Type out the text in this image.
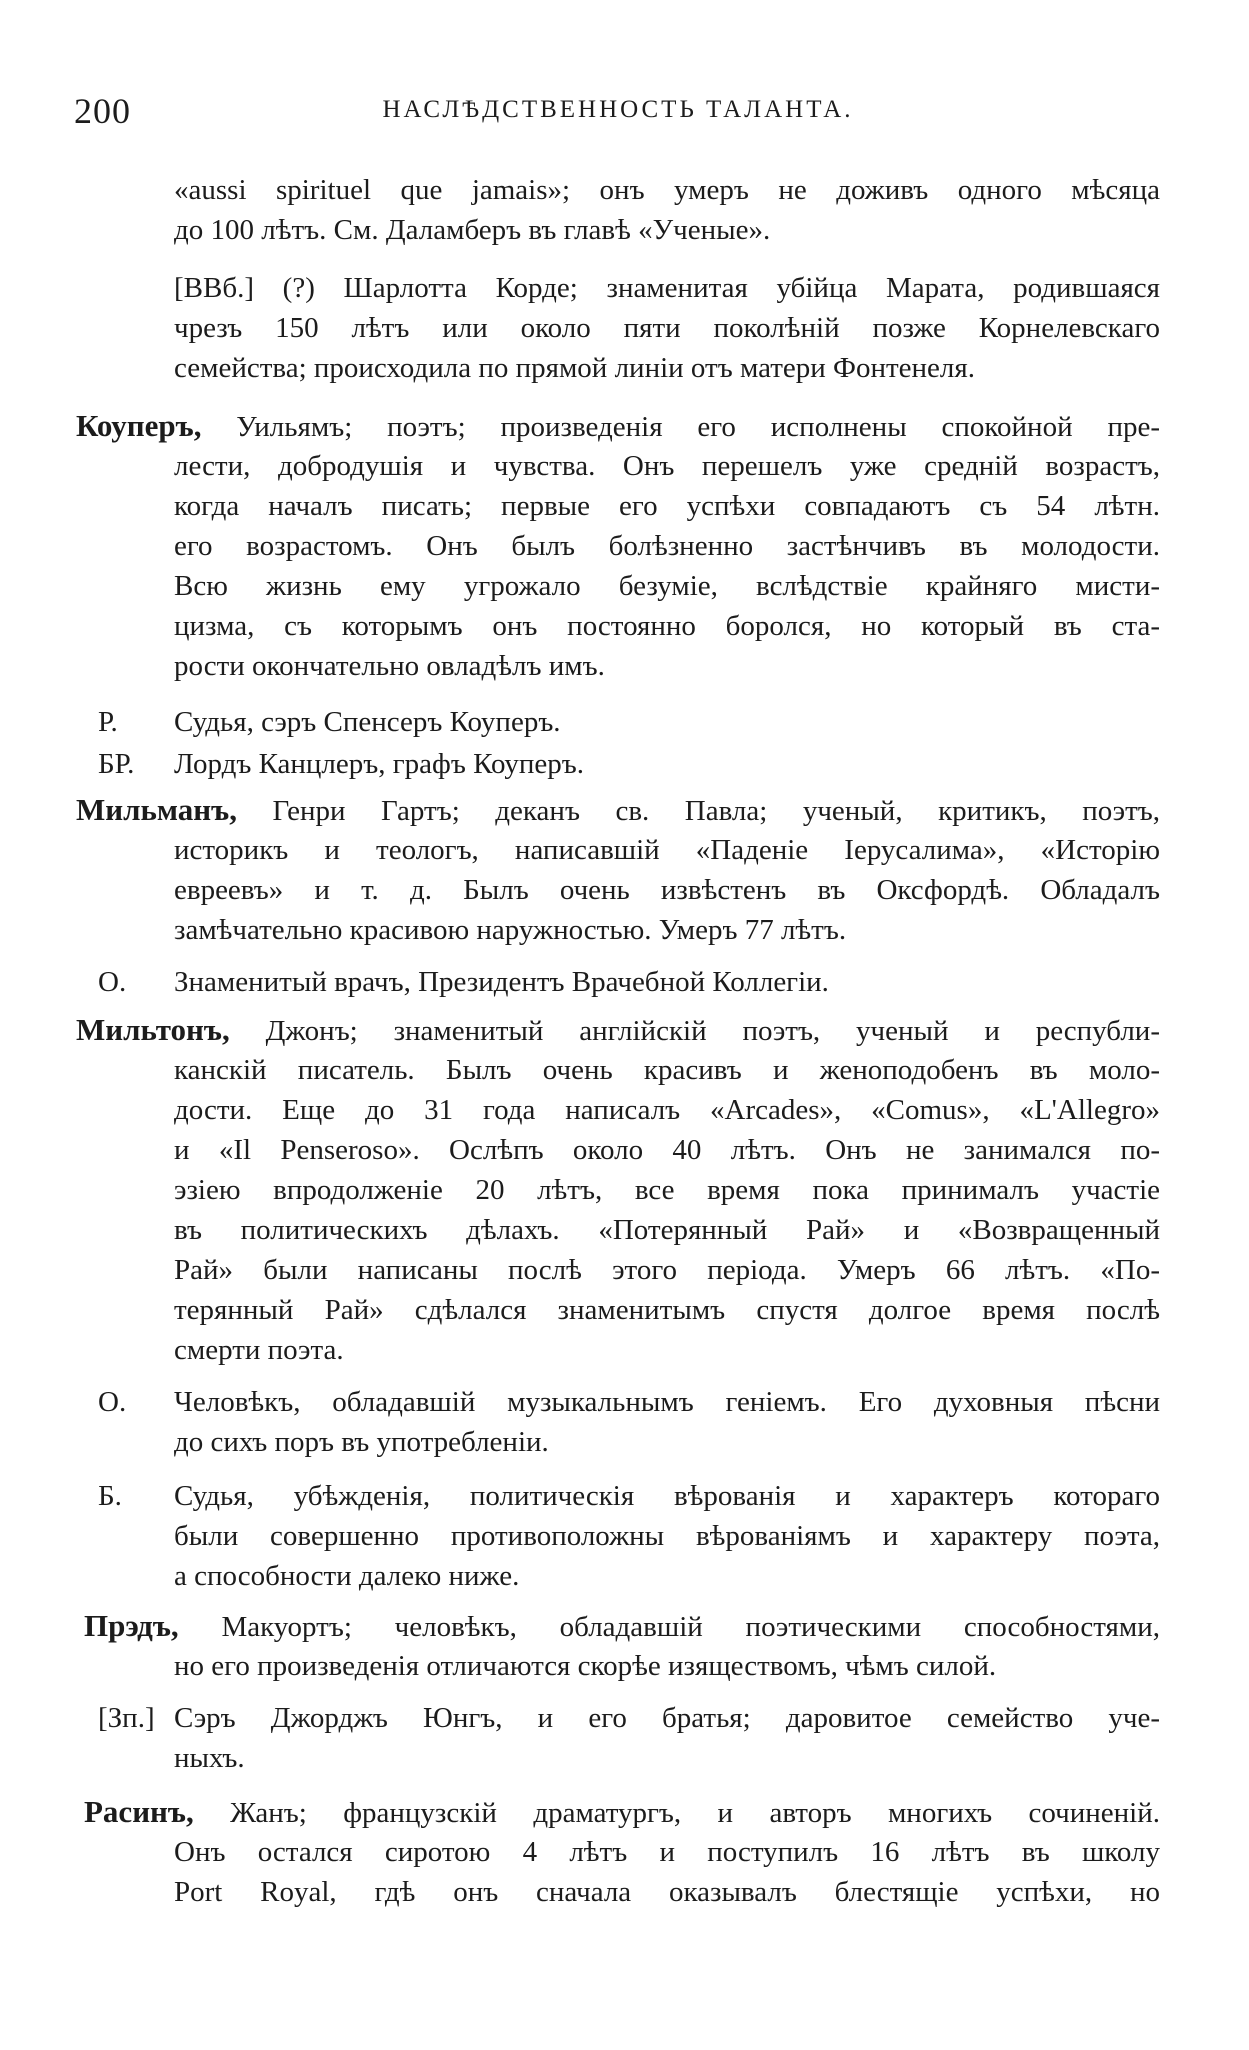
200	НАСЛѢДСТВЕННОСТЬ ТАЛАНТА.
«aussi spirituel que jamais»; онъ умеръ не доживъ одного мѣсяца
до 100 лѣтъ. См. Даламберъ въ главѣ «Ученые».
[ВВб.] (?) Шарлотта Корде; знаменитая убійца Марата, родившаяся
чрезъ 150 лѣтъ или около пяти поколѣній позже Корнелевскаго
семейства; происходила по прямой линіи отъ матери Фонтенеля.
Коуперъ, Уильямъ; поэтъ; произведенія его исполнены спокойной пре-
лести, добродушія и чувства. Онъ перешелъ уже средній возрастъ,
когда началъ писать; первые его успѣхи совпадаютъ съ 54 лѣтн.
его возрастомъ. Онъ былъ болѣзненно застѣнчивъ въ молодости.
Всю жизнь ему угрожало безуміе, вслѣдствіе крайняго мисти-
цизма, съ которымъ онъ постоянно боролся, но который въ ста-
рости окончательно овладѣлъ имъ.
Р. Судья, сэръ Спенсеръ Коуперъ.
БР. Лордъ Канцлеръ, графъ Коуперъ.
Мильманъ, Генри Гартъ; деканъ св. Павла; ученый, критикъ, поэтъ,
историкъ и теологъ, написавшій «Паденіе Іерусалима», «Исторію
евреевъ» и т. д. Былъ очень извѣстенъ въ Оксфордѣ. Обладалъ
замѣчательно красивою наружностью. Умеръ 77 лѣтъ.
О. Знаменитый врачъ, Президентъ Врачебной Коллегіи.
Мильтонъ, Джонъ; знаменитый англійскій поэтъ, ученый и республи-
канскій писатель. Былъ очень красивъ и женоподобенъ въ моло-
дости. Еще до 31 года написалъ «Arcades», «Comus», «L'Allegro»
и «Il Penseroso». Ослѣпъ около 40 лѣтъ. Онъ не занимался по-
эзіею впродолженіе 20 лѣтъ, все время пока принималъ участіе
въ политическихъ дѣлахъ. «Потерянный Рай» и «Возвращенный
Рай» были написаны послѣ этого періода. Умеръ 66 лѣтъ. «По-
терянный Рай» сдѣлался знаменитымъ спустя долгое время послѣ
смерти поэта.
О. Человѣкъ, обладавшій музыкальнымъ геніемъ. Его духовныя пѣсни
до сихъ поръ въ употребленіи.
Б. Судья, убѣжденія, политическія вѣрованія и характеръ котораго
были совершенно противоположны вѣрованіямъ и характеру поэта,
а способности далеко ниже.
Прэдъ, Макуортъ; человѣкъ, обладавшій поэтическими способностями,
но его произведенія отличаются скорѣе изяществомъ, чѣмъ силой.
[Зп.] Сэръ Джорджъ Юнгъ, и его братья; даровитое семейство уче-
ныхъ.
Расинъ, Жанъ; французскій драматургъ, и авторъ многихъ сочиненій.
Онъ остался сиротою 4 лѣтъ и поступилъ 16 лѣтъ въ школу
Port Royal, гдѣ онъ сначала оказывалъ блестящіе успѣхи, но
